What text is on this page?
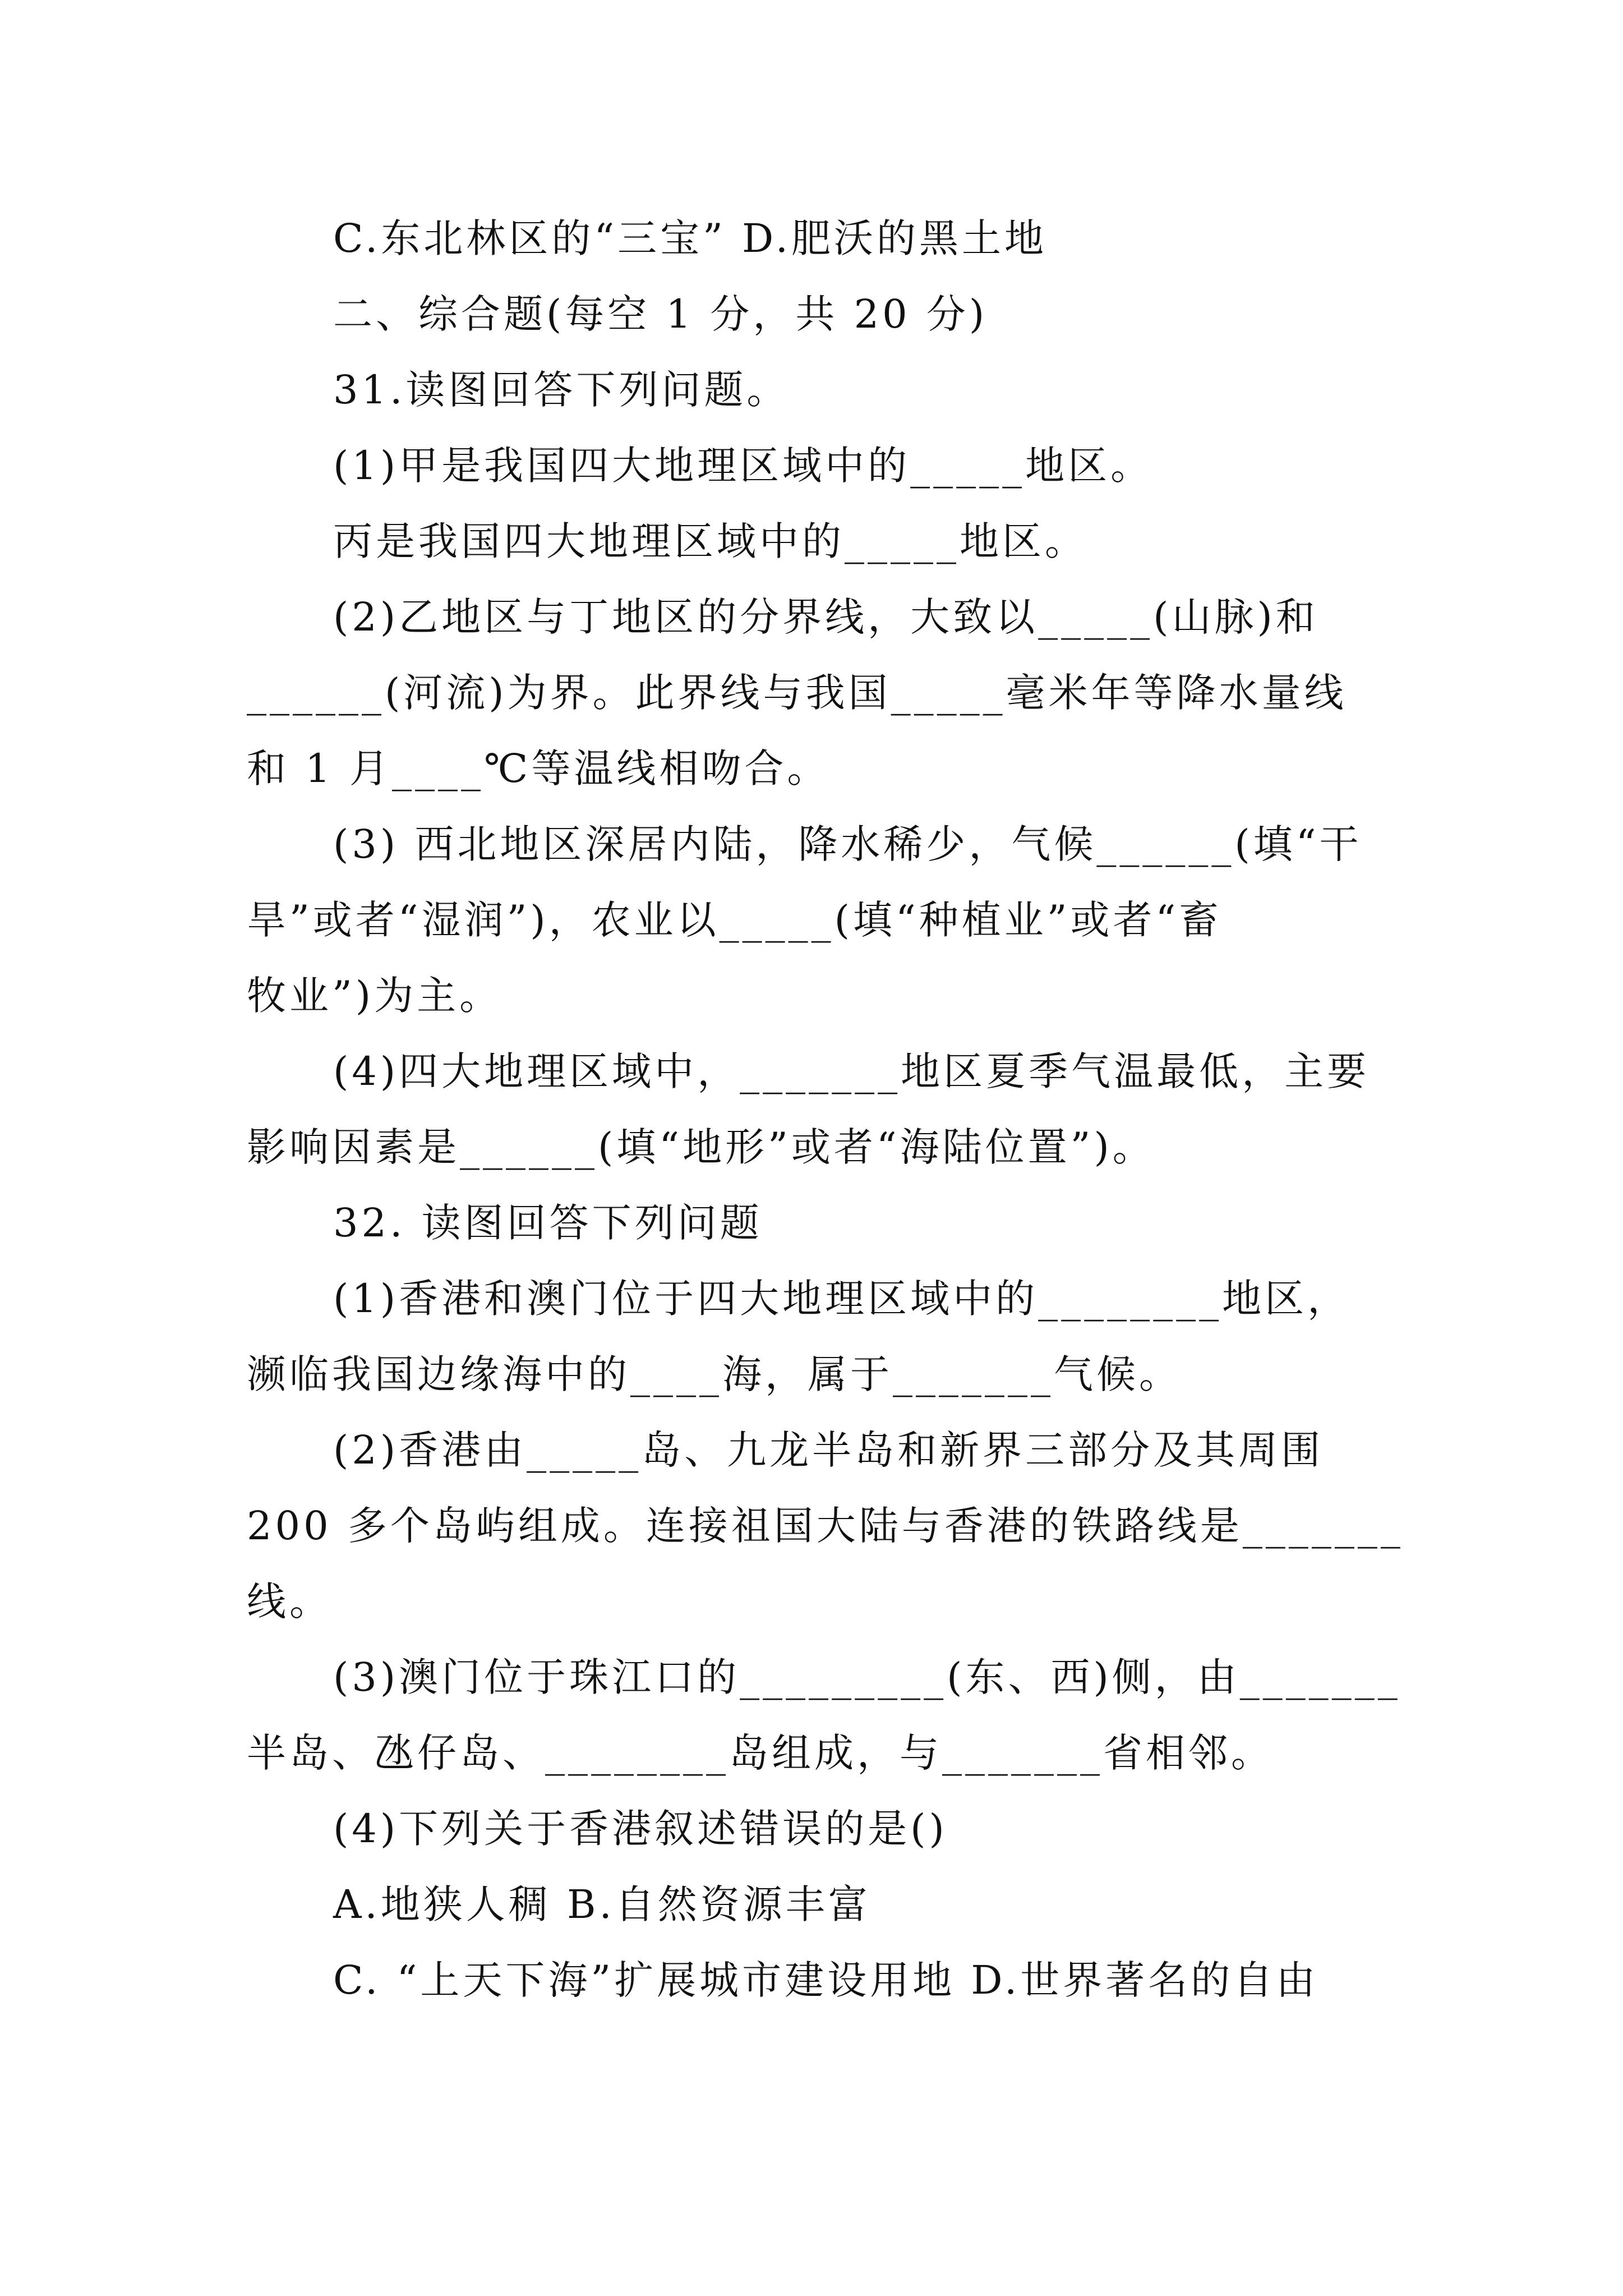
C.东北林区的“三宝” D.肥沃的黑土地
二、综合题(每空 1 分，共 20 分)
31.读图回答下列问题。
(1)甲是我国四大地理区域中的_____地区。
丙是我国四大地理区域中的_____地区。
(2)乙地区与丁地区的分界线，大致以_____(山脉)和
______(河流)为界。此界线与我国_____毫米年等降水量线
和 1 月____℃等温线相吻合。
(3) 西北地区深居内陆，降水稀少，气候______(填“干
旱”或者“湿润”)，农业以_____(填“种植业”或者“畜
牧业”)为主。
(4)四大地理区域中，_______地区夏季气温最低，主要
影响因素是______(填“地形”或者“海陆位置”)。
32. 读图回答下列问题
(1)香港和澳门位于四大地理区域中的________地区，
濒临我国边缘海中的____海，属于_______气候。
(2)香港由_____岛、九龙半岛和新界三部分及其周围
200 多个岛屿组成。连接祖国大陆与香港的铁路线是_______
线。
(3)澳门位于珠江口的_________(东、西)侧，由_______
半岛、氹仔岛、________岛组成，与_______省相邻。
(4)下列关于香港叙述错误的是()
A.地狭人稠 B.自然资源丰富
C. “上天下海”扩展城市建设用地 D.世界著名的自由
